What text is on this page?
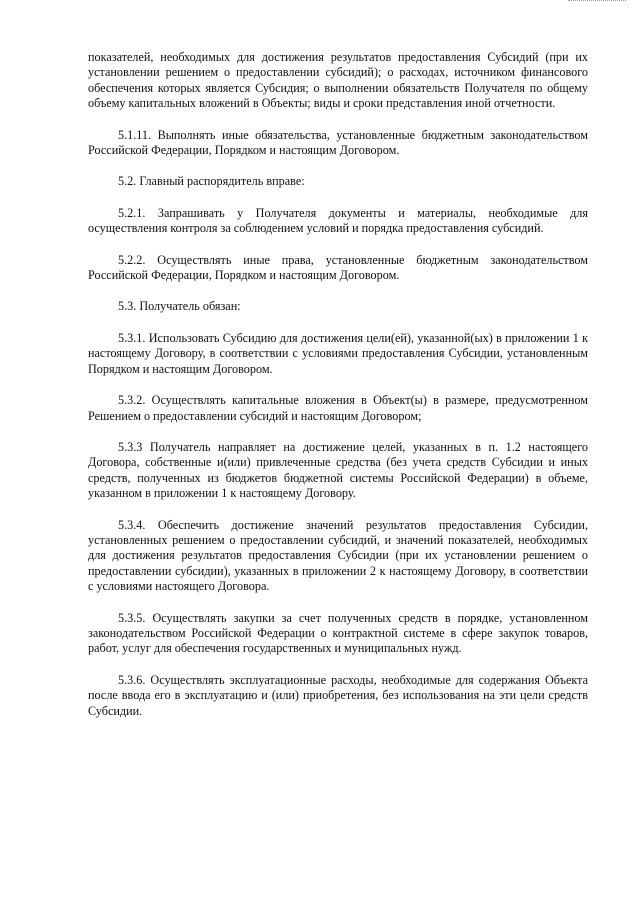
показателей, необходимых для достижения результатов предоставления Субсидий (при их установлении решением о предоставлении субсидий); о расходах, источником финансового обеспечения которых является Субсидия; о выполнении обязательств Получателя по общему объему капитальных вложений в Объекты; виды и сроки представления иной отчетности.

5.1.11. Выполнять иные обязательства, установленные бюджетным законодательством Российской Федерации, Порядком и настоящим Договором.

5.2. Главный распорядитель вправе:

5.2.1. Запрашивать у Получателя документы и материалы, необходимые для осуществления контроля за соблюдением условий и порядка предоставления субсидий.

5.2.2. Осуществлять иные права, установленные бюджетным законодательством Российской Федерации, Порядком и настоящим Договором.

5.3. Получатель обязан:

5.3.1. Использовать Субсидию для достижения цели(ей), указанной(ых) в приложении 1 к настоящему Договору, в соответствии с условиями предоставления Субсидии, установленным Порядком и настоящим Договором.

5.3.2. Осуществлять капитальные вложения в Объект(ы) в размере, предусмотренном Решением о предоставлении субсидий и настоящим Договором;

5.3.3 Получатель направляет на достижение целей, указанных в п. 1.2 настоящего Договора, собственные и(или) привлеченные средства (без учета средств Субсидии и иных средств, полученных из бюджетов бюджетной системы Российской Федерации) в объеме, указанном в приложении 1 к настоящему Договору.

5.3.4. Обеспечить достижение значений результатов предоставления Субсидии, установленных решением о предоставлении субсидий, и значений показателей, необходимых для достижения результатов предоставления Субсидии (при их установлении решением о предоставлении субсидии), указанных в приложении 2 к настоящему Договору, в соответствии с условиями настоящего Договора.

5.3.5. Осуществлять закупки за счет полученных средств в порядке, установленном законодательством Российской Федерации о контрактной системе в сфере закупок товаров, работ, услуг для обеспечения государственных и муниципальных нужд.

5.3.6. Осуществлять эксплуатационные расходы, необходимые для содержания Объекта после ввода его в эксплуатацию и (или) приобретения, без использования на эти цели средств Субсидии.
